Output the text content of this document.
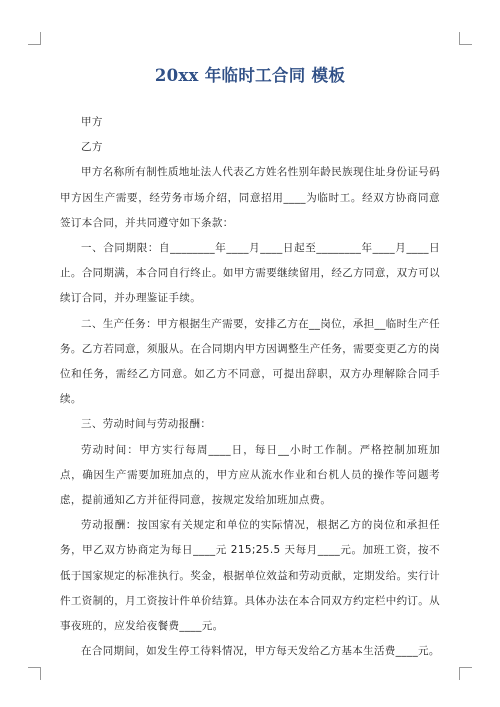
20xx 年临时工合同 模板

甲方

乙方

甲方名称所有制性质地址法人代表乙方姓名性别年龄民族现住址身份证号码甲方因生产需要，经劳务市场介绍，同意招用____为临时工。经双方协商同意签订本合同，并共同遵守如下条款：

一、合同期限：自________年____月____日起至________年____月____日止。合同期满，本合同自行终止。如甲方需要继续留用，经乙方同意，双方可以续订合同，并办理鉴证手续。

二、生产任务：甲方根据生产需要，安排乙方在__岗位，承担__临时生产任务。乙方若同意，须服从。在合同期内甲方因调整生产任务，需要变更乙方的岗位和任务，需经乙方同意。如乙方不同意，可提出辞职，双方办理解除合同手续。

三、劳动时间与劳动报酬：

劳动时间：甲方实行每周____日，每日__小时工作制。严格控制加班加点，确因生产需要加班加点的，甲方应从流水作业和台机人员的操作等问题考虑，提前通知乙方并征得同意，按规定发给加班加点费。

劳动报酬：按国家有关规定和单位的实际情况，根据乙方的岗位和承担任务，甲乙双方协商定为每日____元 215;25.5 天每月____元。加班工资，按不低于国家规定的标准执行。奖金，根据单位效益和劳动贡献，定期发给。实行计件工资制的，月工资按计件单价结算。具体办法在本合同双方约定栏中约订。从事夜班的，应发给夜餐费____元。

在合同期间，如发生停工待料情况，甲方每天发给乙方基本生活费____元。
